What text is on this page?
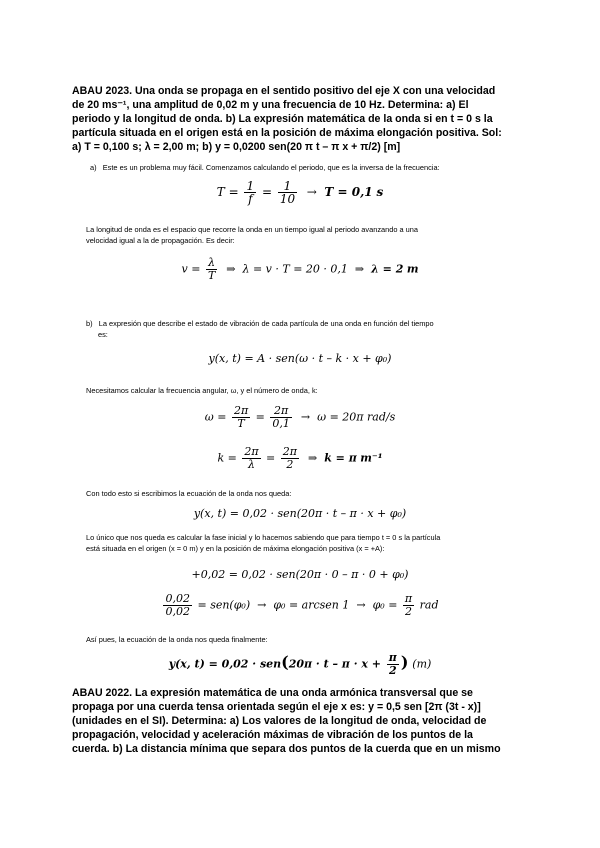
ABAU 2023. Una onda se propaga en el sentido positivo del eje X con una velocidad
de 20 ms⁻¹, una amplitud de 0,02 m y una frecuencia de 10 Hz. Determina: a) El
periodo y la longitud de onda. b) La expresión matemática de la onda si en t = 0 s la
partícula situada en el origen está en la posición de máxima elongación positiva. Sol:
a) T = 0,100 s; λ = 2,00 m; b) y = 0,0200 sen(20 π t – π x + π/2) [m]
a) Este es un problema muy fácil. Comenzamos calculando el periodo, que es la inversa de la frecuencia:
$T = \frac{1}{f} = \frac{1}{10} \to T = 0,1$ s
La longitud de onda es el espacio que recorre la onda en un tiempo igual al periodo avanzando a una
velocidad igual a la de propagación. Es decir:
$v = \frac{\lambda}{T}$ ⇒  λ = v · T = 20 · 0,1  ⇒  λ = 2 m
b) La expresión que describe el estado de vibración de cada partícula de una onda en función del tiempo
es:
y(x, t) = A · sen(ω · t – k · x + φ₀)
Necesitamos calcular la frecuencia angular, ω, y el número de onda, k:
$\omega = \frac{2\pi}{T} = \frac{2\pi}{0,1} \to \omega = 20\pi$ rad/s
$k = \frac{2\pi}{\lambda} = \frac{2\pi}{2}$ ⇒  k = π m⁻¹
Con todo esto si escribimos la ecuación de la onda nos queda:
y(x, t) = 0,02 · sen(20π · t – π · x + φ₀)
Lo único que nos queda es calcular la fase inicial y lo hacemos sabiendo que para tiempo t = 0 s la partícula
está situada en el origen (x = 0 m) y en la posición de máxima elongación positiva (x = +A):
+0,02 = 0,02 · sen(20π · 0 – π · 0 + φ₀)
$\frac{0,02}{0,02} = sen(\varphi_0) \to \varphi_0$ = arcsen $1 \to \varphi_0 = \frac{\pi}{2}$ rad
Así pues, la ecuación de la onda nos queda finalmente:
y(x, $t) = 0,02 \cdot sen(20\pi \cdot t - \pi \cdot x + \frac{\pi}{2}$ ) (m)
ABAU 2022. La expresión matemática de una onda armónica transversal que se
propaga por una cuerda tensa orientada según el eje x es: y = 0,5 sen [2π (3t - x)]
(unidades en el SI). Determina: a) Los valores de la longitud de onda, velocidad de
propagación, velocidad y aceleración máximas de vibración de los puntos de la
cuerda. b) La distancia mínima que separa dos puntos de la cuerda que en un mismo
